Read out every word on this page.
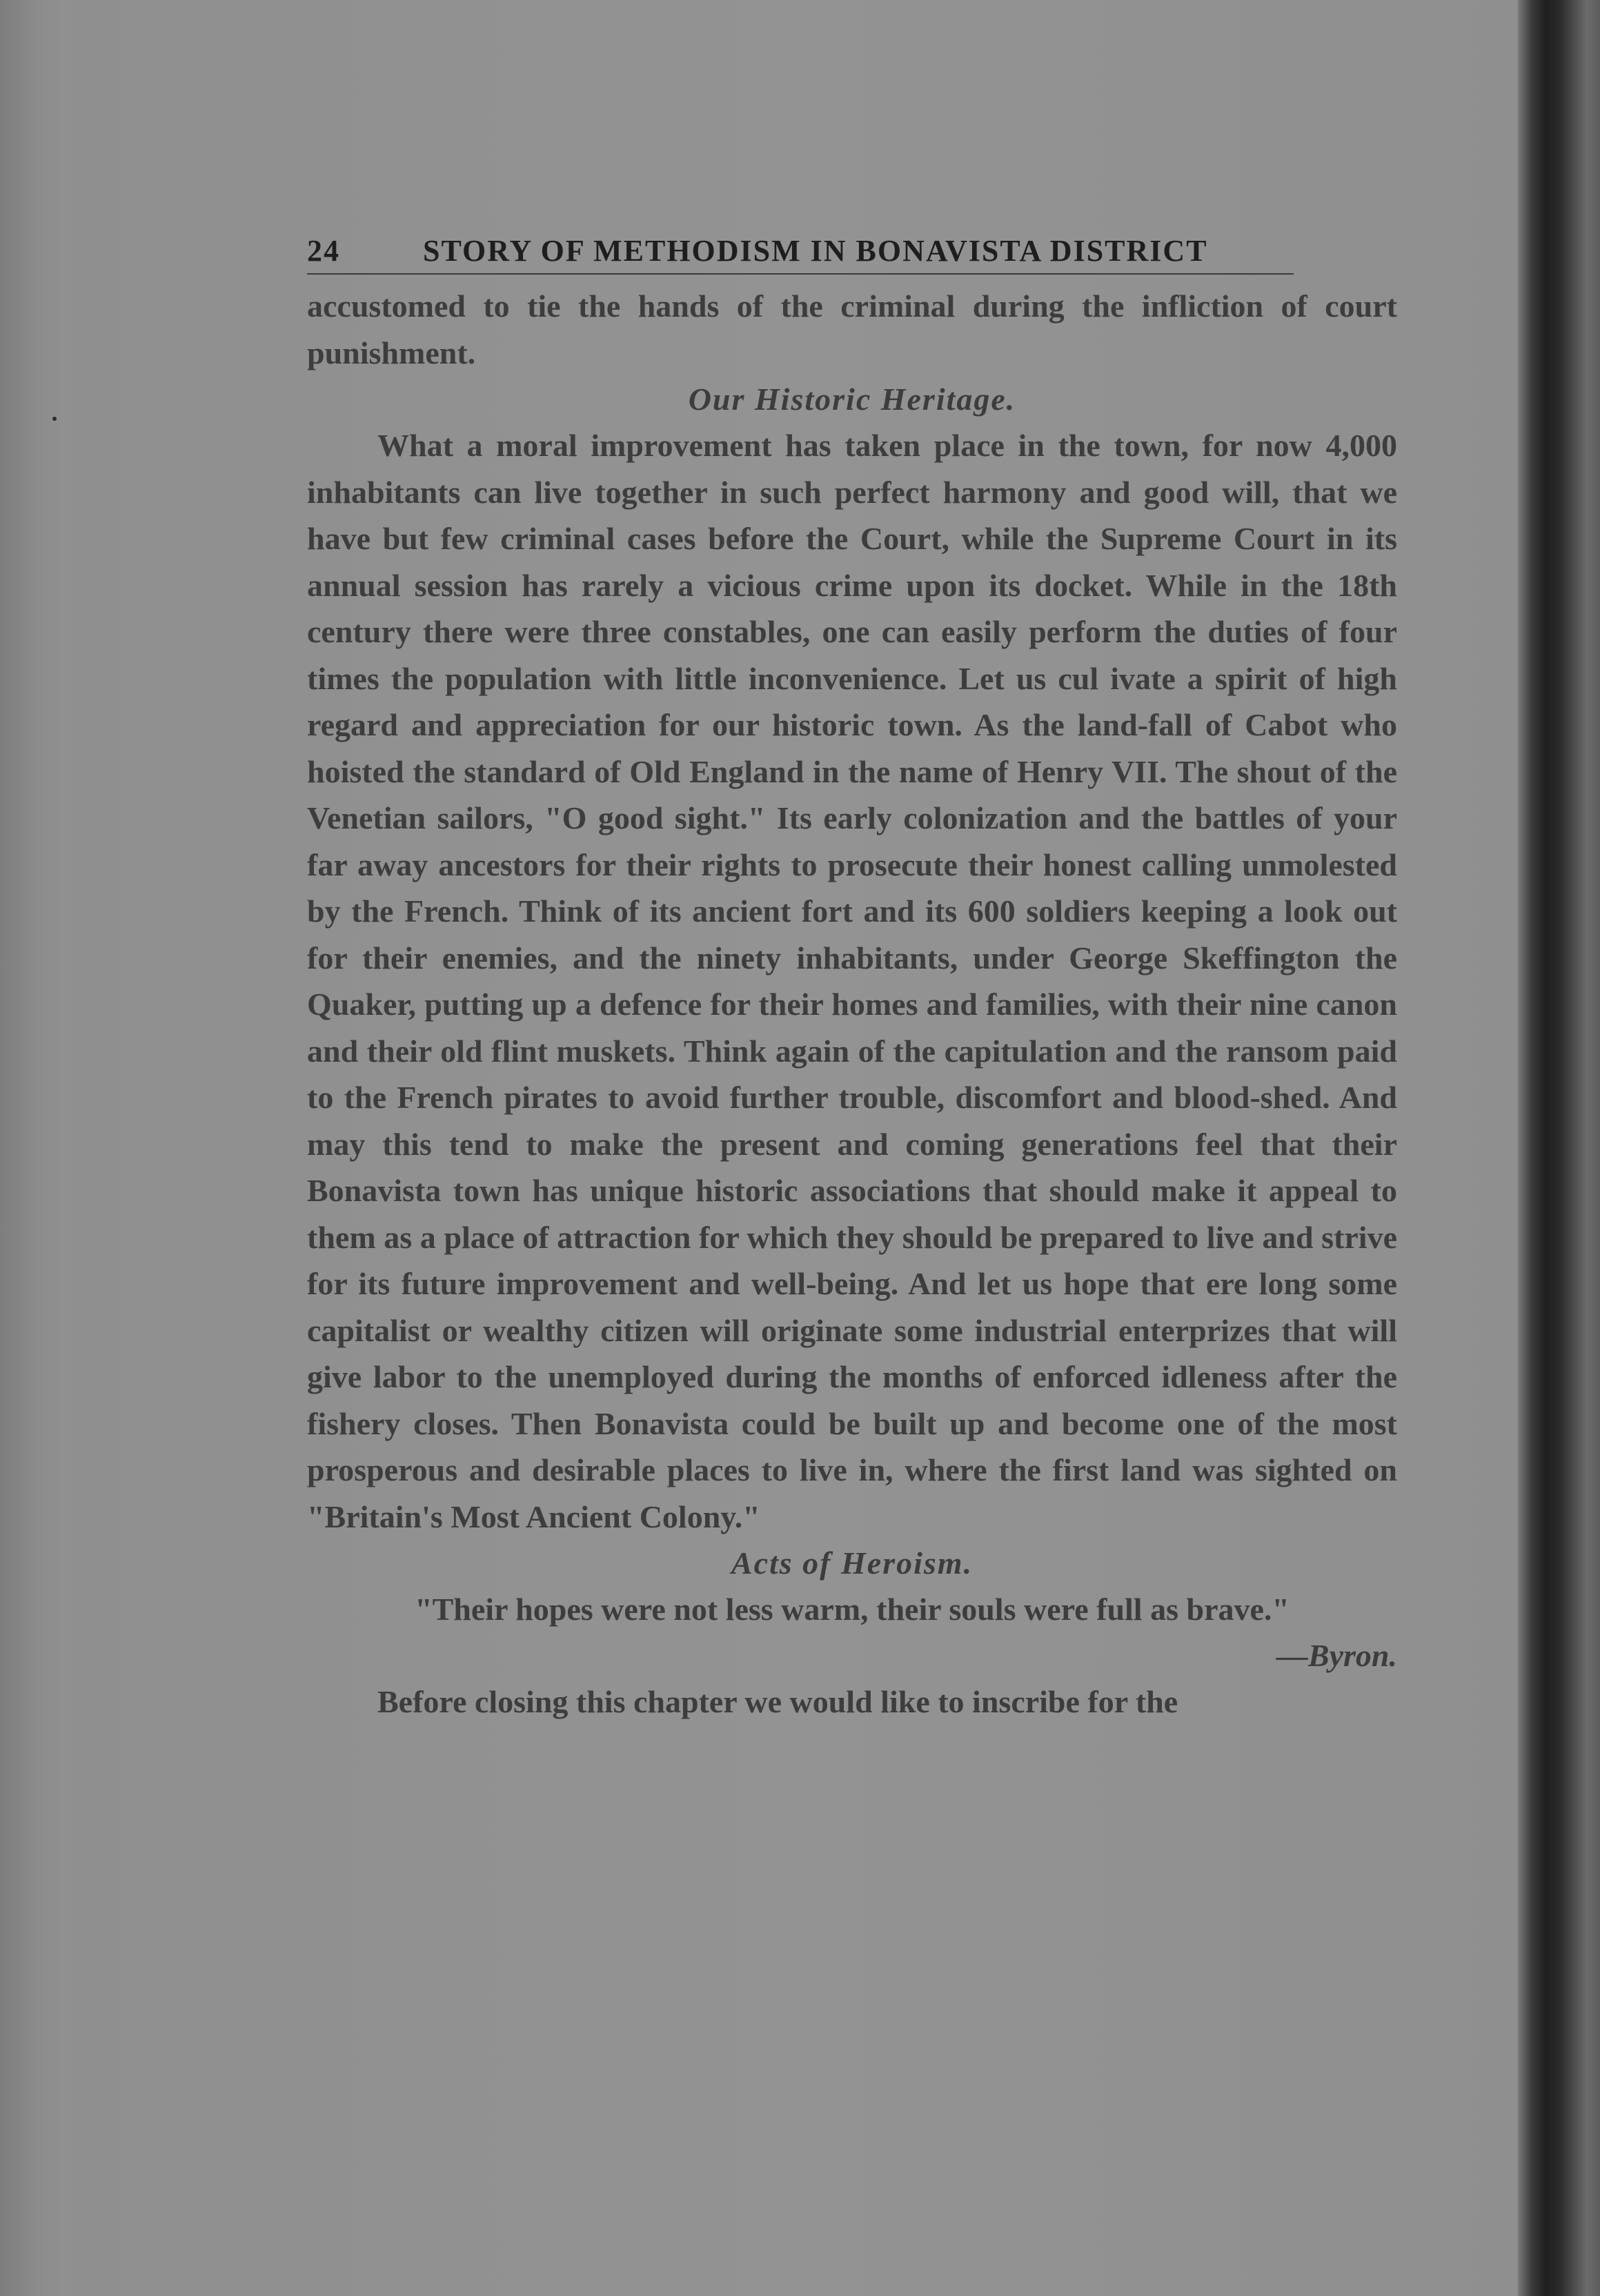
24	STORY OF METHODISM IN BONAVISTA DISTRICT

accustomed to tie the hands of the criminal during the infliction of court punishment.

Our Historic Heritage.

What a moral improvement has taken place in the town, for now 4,000 inhabitants can live together in such perfect harmony and good will, that we have but few criminal cases before the Court, while the Supreme Court in its annual session has rarely a vicious crime upon its docket. While in the 18th century there were three constables, one can easily perform the duties of four times the population with little inconvenience. Let us cul ivate a spirit of high regard and appreciation for our historic town. As the land-fall of Cabot who hoisted the standard of Old England in the name of Henry VII. The shout of the Venetian sailors, "O good sight." Its early colonization and the battles of your far away ancestors for their rights to prosecute their honest calling unmolested by the French. Think of its ancient fort and its 600 soldiers keeping a look out for their enemies, and the ninety inhabitants, under George Skeffington the Quaker, putting up a defence for their homes and families, with their nine canon and their old flint muskets. Think again of the capitulation and the ransom paid to the French pirates to avoid further trouble, discomfort and blood-shed. And may this tend to make the present and coming generations feel that their Bonavista town has unique historic associations that should make it appeal to them as a place of attraction for which they should be prepared to live and strive for its future improvement and well-being. And let us hope that ere long some capitalist or wealthy citizen will originate some industrial enterprizes that will give labor to the unemployed during the months of enforced idleness after the fishery closes. Then Bonavista could be built up and become one of the most prosperous and desirable places to live in, where the first land was sighted on "Britain's Most Ancient Colony."

Acts of Heroism.

"Their hopes were not less warm, their souls were full as brave."

—Byron.

Before closing this chapter we would like to inscribe for the
